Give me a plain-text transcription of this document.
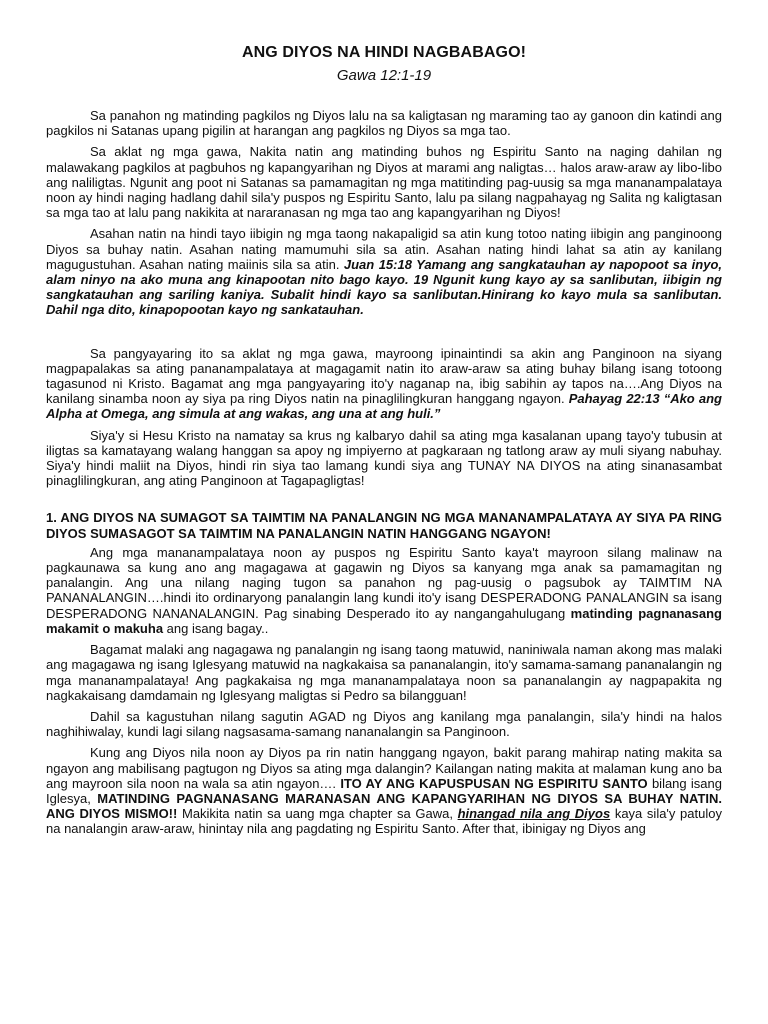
ANG DIYOS NA HINDI NAGBABAGO!
Gawa 12:1-19

Sa panahon ng matinding pagkilos ng Diyos lalu na sa kaligtasan ng maraming tao ay ganoon din katindi ang pagkilos ni Satanas upang pigilin at harangan ang pagkilos ng Diyos sa mga tao.

Sa aklat ng mga gawa, Nakita natin ang matinding buhos ng Espiritu Santo na naging dahilan ng malawakang pagkilos at pagbuhos ng kapangyarihan ng Diyos at marami ang naligtas… halos araw-araw ay libo-libo ang naliligtas. Ngunit ang poot ni Satanas sa pamamagitan ng mga matitinding pag-uusig sa mga mananampalataya noon ay hindi naging hadlang dahil sila'y puspos ng Espiritu Santo, lalu pa silang nagpahayag ng Salita ng kaligtasan sa mga tao at lalu pang nakikita at nararanasan ng mga tao ang kapangyarihan ng Diyos!

Asahan natin na hindi tayo iibigin ng mga taong nakapaligid sa atin kung totoo nating iibigin ang panginoong Diyos sa buhay natin. Asahan nating mamumuhi sila sa atin. Asahan nating hindi lahat sa atin ay kanilang magugustuhan. Asahan nating maiinis sila sa atin. Juan 15:18 Yamang ang sangkatauhan ay napopoot sa inyo, alam ninyo na ako muna ang kinapootan nito bago kayo. 19 Ngunit kung kayo ay sa sanlibutan, iibigin ng sangkatauhan ang sariling kaniya. Subalit hindi kayo sa sanlibutan.Hinirang ko kayo mula sa sanlibutan. Dahil nga dito, kinapopootan kayo ng sankatauhan.

Sa pangyayaring ito sa aklat ng mga gawa, mayroong ipinaintindi sa akin ang Panginoon na siyang magpapalakas sa ating pananampalataya at magagamit natin ito araw-araw sa ating buhay bilang isang totoong tagasunod ni Kristo. Bagamat ang mga pangyayaring ito'y naganap na, ibig sabihin ay tapos na….Ang Diyos na kanilang sinamba noon ay siya pa ring Diyos natin na pinaglilingkuran hanggang ngayon. Pahayag 22:13 “Ako ang Alpha at Omega, ang simula at ang wakas, ang una at ang huli.”

Siya'y si Hesu Kristo na namatay sa krus ng kalbaryo dahil sa ating mga kasalanan upang tayo'y tubusin at iligtas sa kamatayang walang hanggan sa apoy ng impiyerno at pagkaraan ng tatlong araw ay muli siyang nabuhay. Siya'y hindi maliit na Diyos, hindi rin siya tao lamang kundi siya ang TUNAY NA DIYOS na ating sinanasambat pinaglilingkuran, ang ating Panginoon at Tagapagligtas!

1. ANG DIYOS NA SUMAGOT SA TAIMTIM NA PANALANGIN NG MGA MANANAMPALATAYA AY SIYA PA RING DIYOS SUMASAGOT SA TAIMTIM NA PANALANGIN NATIN HANGGANG NGAYON!

Ang mga mananampalataya noon ay puspos ng Espiritu Santo kaya't mayroon silang malinaw na pagkaunawa sa kung ano ang magagawa at gagawin ng Diyos sa kanyang mga anak sa pamamagitan ng panalangin. Ang una nilang naging tugon sa panahon ng pag-uusig o pagsubok ay TAIMTIM NA PANANALANGIN….hindi ito ordinaryong panalangin lang kundi ito'y isang DESPERADONG PANALANGIN sa isang DESPERADONG NANANALANGIN. Pag sinabing Desperado ito ay nangangahulugang matinding pagnanasang makamit o makuha ang isang bagay..

Bagamat malaki ang nagagawa ng panalangin ng isang taong matuwid, naniniwala naman akong mas malaki ang magagawa ng isang Iglesyang matuwid na nagkakaisa sa pananalangin, ito'y samama-samang pananalangin ng mga mananampalataya! Ang pagkakaisa ng mga mananampalataya noon sa pananalangin ay nagpapakita ng nagkakaisang damdamain ng Iglesyang maligtas si Pedro sa bilangguan!

Dahil sa kagustuhan nilang sagutin AGAD ng Diyos ang kanilang mga panalangin, sila'y hindi na halos naghihiwalay, kundi lagi silang nagsasama-samang nananalangin sa Panginoon.

Kung ang Diyos nila noon ay Diyos pa rin natin hanggang ngayon, bakit parang mahirap nating makita sa ngayon ang mabilisang pagtugon ng Diyos sa ating mga dalangin? Kailangan nating makita at malaman kung ano ba ang mayroon sila noon na wala sa atin ngayon…. ITO AY ANG KAPUSPUSAN NG ESPIRITU SANTO bilang isang Iglesya, MATINDING PAGNANASANG MARANASAN ANG KAPANGYARIHAN NG DIYOS SA BUHAY NATIN. ANG DIYOS MISMO!! Makikita natin sa uang mga chapter sa Gawa, hinangad nila ang Diyos kaya sila'y patuloy na nanalangin araw-araw, hinintay nila ang pagdating ng Espiritu Santo. After that, ibinigay ng Diyos ang
